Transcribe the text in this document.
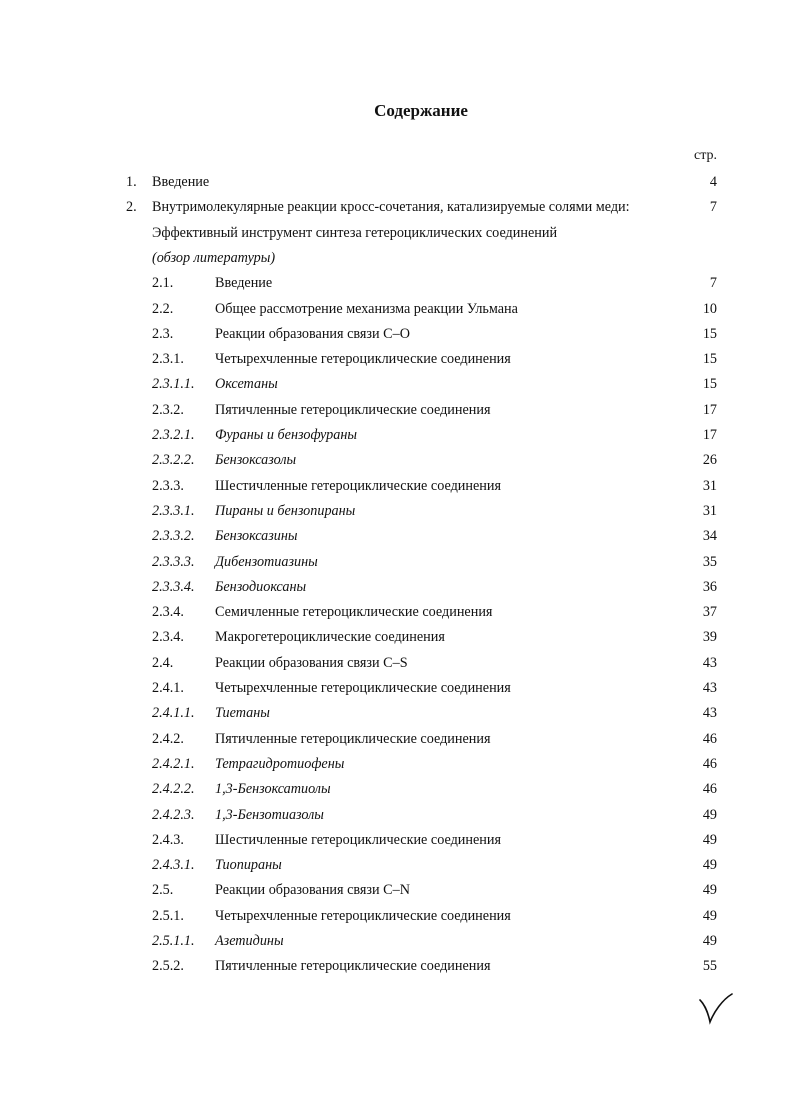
Содержание
стр.
1. Введение	4
2. Внутримолекулярные реакции кросс-сочетания, катализируемые солями меди:	7
Эффективный инструмент синтеза гетероциклических соединений
(обзор литературы)
2.1.	Введение	7
2.2.	Общее рассмотрение механизма реакции Ульмана	10
2.3.	Реакции образования связи C–O	15
2.3.1. Четырехчленные гетероциклические соединения	15
2.3.1.1. Оксетаны	15
2.3.2. Пятичленные гетероциклические соединения	17
2.3.2.1. Фураны и бензофураны	17
2.3.2.2. Бензоксазолы	26
2.3.3. Шестичленные гетероциклические соединения	31
2.3.3.1. Пираны и бензопираны	31
2.3.3.2. Бензоксазины	34
2.3.3.3. Дибензотиазины	35
2.3.3.4. Бензодиоксаны	36
2.3.4. Семичленные гетероциклические соединения	37
2.3.4. Макрогетероциклические соединения	39
2.4.	Реакции образования связи C–S	43
2.4.1. Четырехчленные гетероциклические соединения	43
2.4.1.1. Тиетаны	43
2.4.2. Пятичленные гетероциклические соединения	46
2.4.2.1. Тетрагидротиофены	46
2.4.2.2. 1,3-Бензоксатиолы	46
2.4.2.3. 1,3-Бензотиазолы	49
2.4.3. Шестичленные гетероциклические соединения	49
2.4.3.1. Тиопираны	49
2.5.	Реакции образования связи C–N	49
2.5.1. Четырехчленные гетероциклические соединения	49
2.5.1.1. Азетидины	49
2.5.2. Пятичленные гетероциклические соединения	55
